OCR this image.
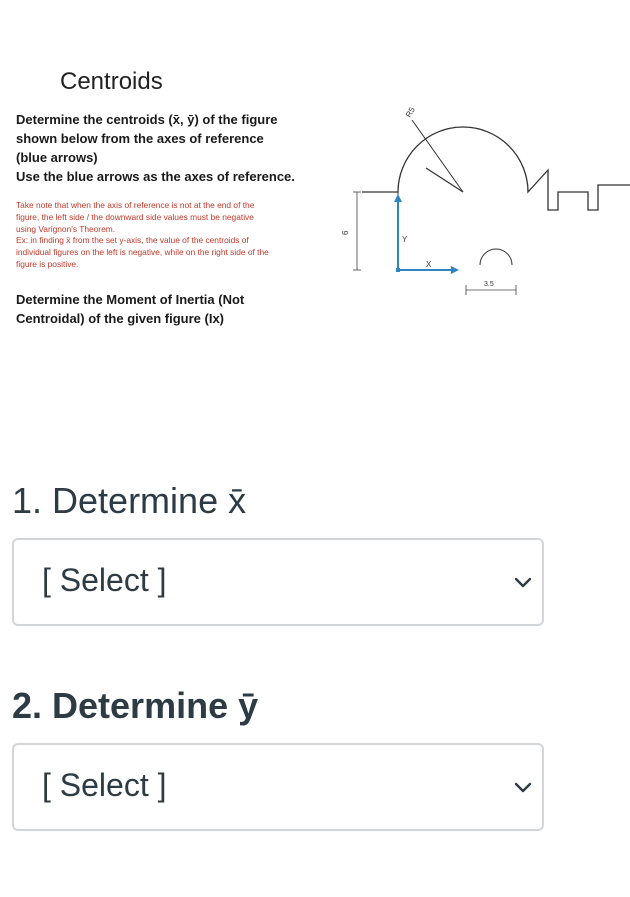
Centroids
Determine the centroids (x̄, ȳ) of the figure
shown below from the axes of reference
(blue arrows)
Use the blue arrows as the axes of reference.
Take note that when the axis of reference is not at the end of the
figure, the left side / the downward side values must be negative
using Varignon's Theorem.
Ex: in finding x̄ from the set y-axis, the value of the centroids of
individual figures on the left is negative, while on the right side of the
figure is positive.
Determine the Moment of Inertia (Not
Centroidal) of the given figure (Ix)
R5
6
3.5
X
Y
1. Determine x̄
[ Select ]
2. Determine ȳ
[ Select ]
